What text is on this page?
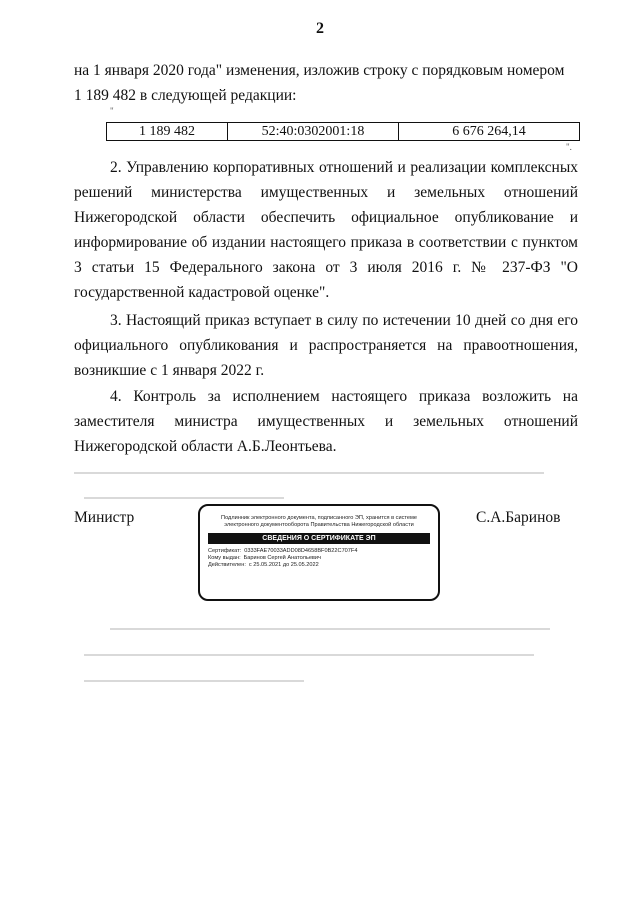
2

на 1 января 2020 года" изменения, изложив строку с порядковым номером

1 189 482 в следующей редакции:

"
1 189 482	52:40:0302001:18	6 676 264,14
".

2. Управлению корпоративных отношений и реализации комплексных решений министерства имущественных и земельных отношений Нижегородской области обеспечить официальное опубликование и информирование об издании настоящего приказа в соответствии с пунктом 3 статьи 15 Федерального закона от 3 июля 2016 г. № 237-ФЗ "О государственной кадастровой оценке".

3. Настоящий приказ вступает в силу по истечении 10 дней со дня его официального опубликования и распространяется на правоотношения, возникшие с 1 января 2022 г.

4. Контроль за исполнением настоящего приказа возложить на заместителя министра имущественных и земельных отношений Нижегородской области А.Б.Леонтьева.

Министр	Подлинник электронного документа, подписанного ЭП, хранится в системе электронного документооборота Правительства Нижегородской области
СВЕДЕНИЯ О СЕРТИФИКАТЕ ЭП
Сертификат: 0333FAE70033ADD08D4658BF0B22C707F4
Кому выдан: Баринов Сергей Анатольевич
Действителен: с 25.05.2021 до 25.05.2022
С.А.Баринов
